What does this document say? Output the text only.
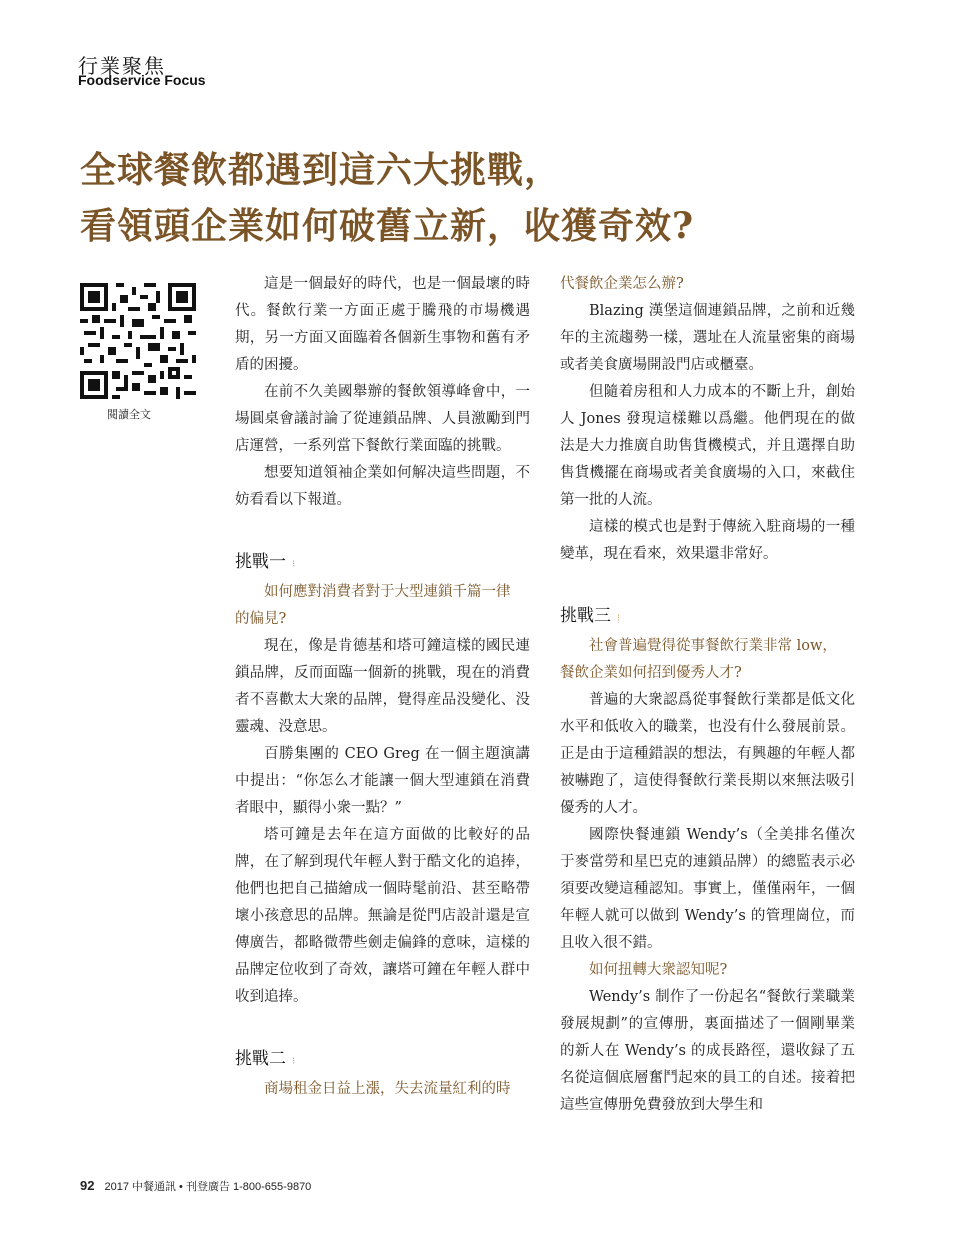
行業聚焦
Foodservice Focus
全球餐飲都遇到這六大挑戰，
看領頭企業如何破舊立新，收獲奇效?
閱讀全文

這是一個最好的時代，也是一個最壞的時代。餐飲行業一方面正處于騰飛的市場機遇期，另一方面又面臨着各個新生事物和舊有矛盾的困擾。

在前不久美國舉辦的餐飲領導峰會中，一場圓桌會議討論了從連鎖品牌、人員激勵到門店運營，一系列當下餐飲行業面臨的挑戰。

想要知道領袖企業如何解决這些問題，不妨看看以下報道。

挑戰一 ⁝

如何應對消費者對于大型連鎖千篇一律

的偏見?

現在，像是肯德基和塔可鐘這樣的國民連鎖品牌，反而面臨一個新的挑戰，現在的消費者不喜歡太大衆的品牌，覺得産品没變化、没靈魂、没意思。

百勝集團的 CEO Greg 在一個主題演講中提出：“你怎么才能讓一個大型連鎖在消費者眼中，顯得小衆一點？”

塔可鐘是去年在這方面做的比較好的品牌，在了解到現代年輕人對于酷文化的追捧，他們也把自己描繪成一個時髦前沿、甚至略帶壞小孩意思的品牌。無論是從門店設計還是宣傳廣告，都略微帶些劍走偏鋒的意味，這樣的品牌定位收到了奇效，讓塔可鐘在年輕人群中收到追捧。

挑戰二 ⁝

商場租金日益上漲，失去流量紅利的時

代餐飲企業怎么辦?

Blazing 漢堡這個連鎖品牌，之前和近幾年的主流趨勢一樣，選址在人流量密集的商場或者美食廣場開設門店或櫃臺。

但隨着房租和人力成本的不斷上升，創始人 Jones 發現這樣難以爲繼。他們現在的做法是大力推廣自助售貨機模式，并且選擇自助售貨機擺在商場或者美食廣場的入口，來截住第一批的人流。

這樣的模式也是對于傳統入駐商場的一種變革，現在看來，效果還非常好。

挑戰三 ⁝

社會普遍覺得從事餐飲行業非常 low，

餐飲企業如何招到優秀人才?

普遍的大衆認爲從事餐飲行業都是低文化水平和低收入的職業，也没有什么發展前景。正是由于這種錯誤的想法，有興趣的年輕人都被嚇跑了，這使得餐飲行業長期以來無法吸引優秀的人才。

國際快餐連鎖 Wendy’s（全美排名僅次于麥當勞和星巴克的連鎖品牌）的總監表示必須要改變這種認知。事實上，僅僅兩年，一個年輕人就可以做到 Wendy’s 的管理崗位，而且收入很不錯。

如何扭轉大衆認知呢?

Wendy’s 制作了一份起名“餐飲行業職業發展規劃”的宣傳册，裏面描述了一個剛畢業的新人在 Wendy’s 的成長路徑，還收録了五名從這個底層奮鬥起來的員工的自述。接着把這些宣傳册免費發放到大學生和

92 2017 中餐通訊 • 刊登廣告 1-800-655-9870
